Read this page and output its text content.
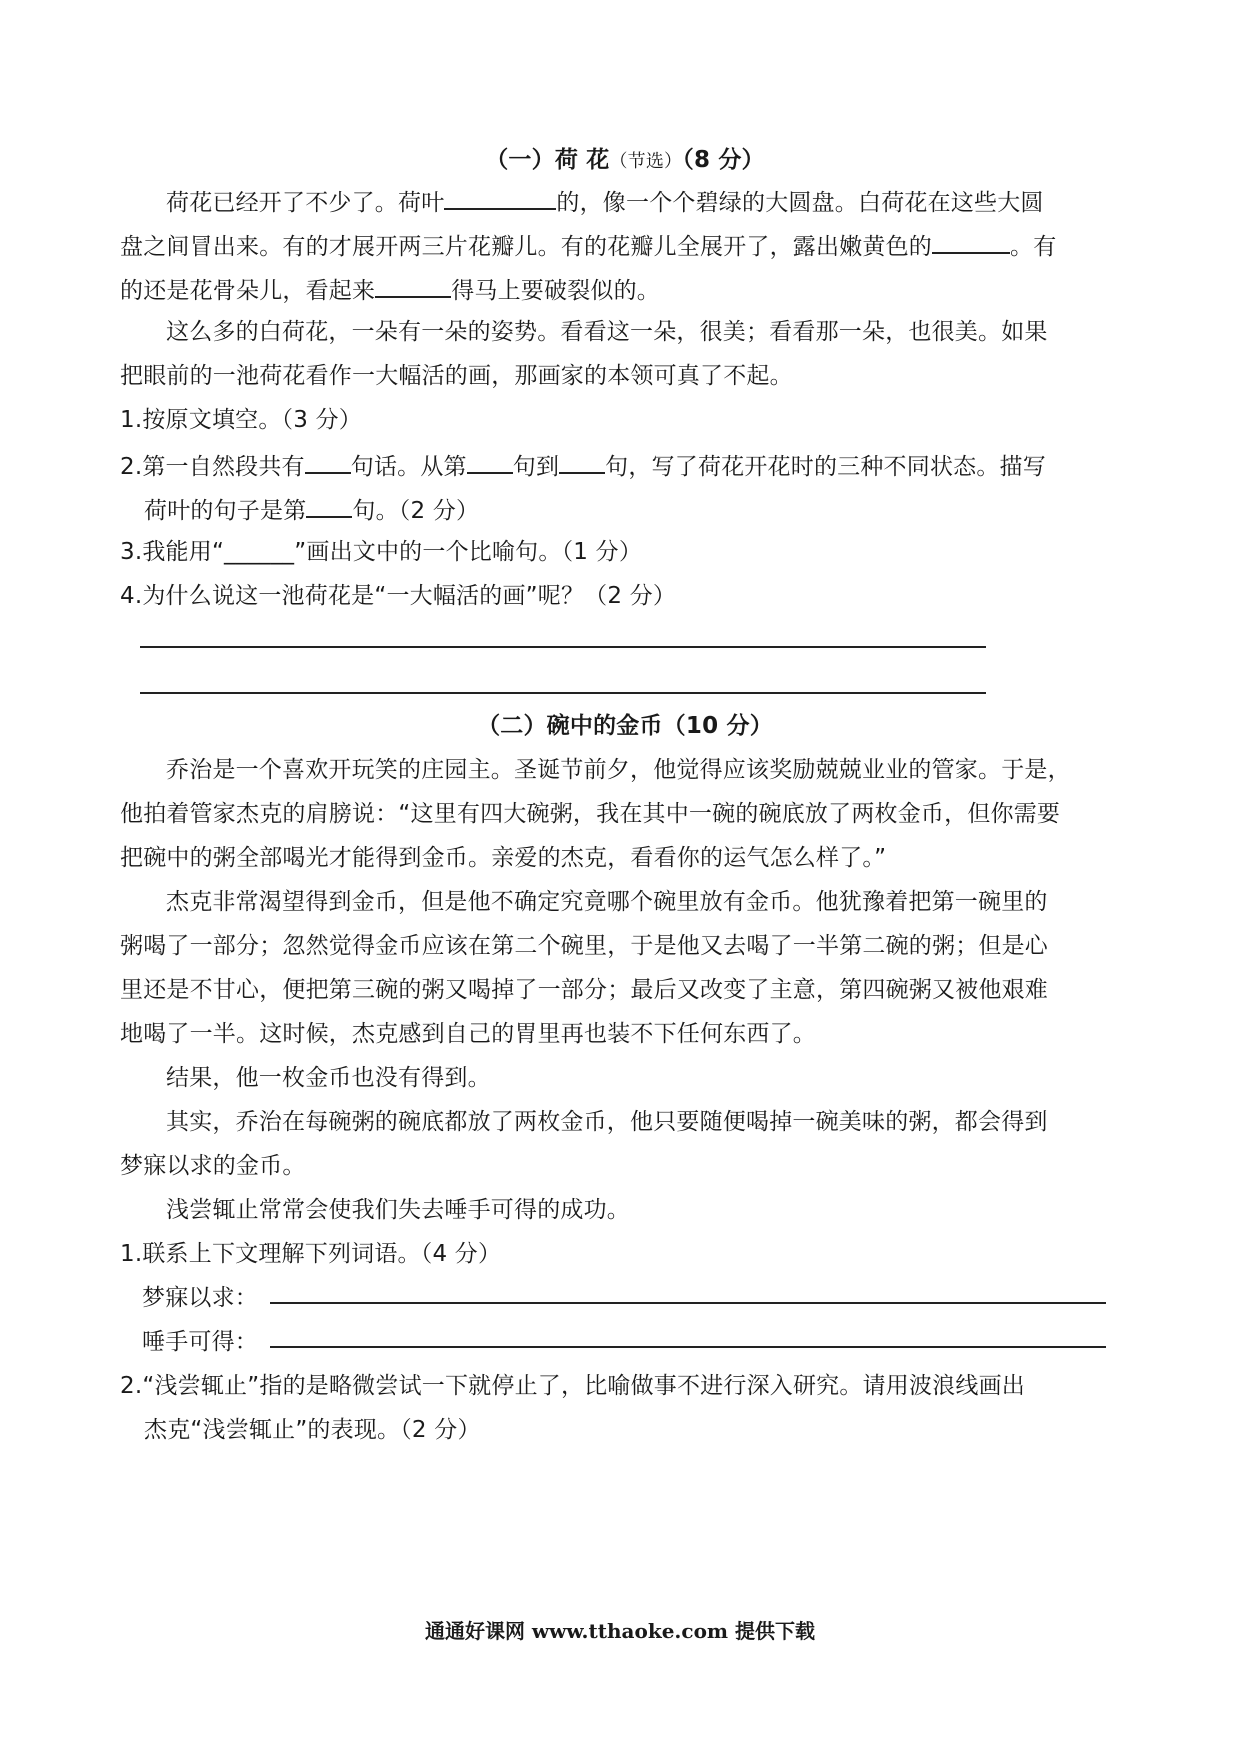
（一）荷 花（节选）（8 分）
荷花已经开了不少了。荷叶	的，像一个个碧绿的大圆盘。白荷花在这些大圆
盘之间冒出来。有的才展开两三片花瓣儿。有的花瓣儿全展开了，露出嫩黄色的	。有
的还是花骨朵儿，看起来	得马上要破裂似的。
这么多的白荷花，一朵有一朵的姿势。看看这一朵，很美；看看那一朵，也很美。如果
把眼前的一池荷花看作一大幅活的画，那画家的本领可真了不起。
1.按原文填空。（3 分）
2.第一自然段共有 句话。从第 句到 句，写了荷花开花时的三种不同状态。描写
荷叶的句子是第 句。（2 分）
3.我能用“______”画出文中的一个比喻句。（1 分）
4.为什么说这一池荷花是“一大幅活的画”呢？（2 分）
（二）碗中的金币（10 分）
乔治是一个喜欢开玩笑的庄园主。圣诞节前夕，他觉得应该奖励兢兢业业的管家。于是，
他拍着管家杰克的肩膀说：“这里有四大碗粥，我在其中一碗的碗底放了两枚金币，但你需要
把碗中的粥全部喝光才能得到金币。亲爱的杰克，看看你的运气怎么样了。”
杰克非常渴望得到金币，但是他不确定究竟哪个碗里放有金币。他犹豫着把第一碗里的
粥喝了一部分；忽然觉得金币应该在第二个碗里，于是他又去喝了一半第二碗的粥；但是心
里还是不甘心，便把第三碗的粥又喝掉了一部分；最后又改变了主意，第四碗粥又被他艰难
地喝了一半。这时候，杰克感到自己的胃里再也装不下任何东西了。
结果，他一枚金币也没有得到。
其实，乔治在每碗粥的碗底都放了两枚金币，他只要随便喝掉一碗美味的粥，都会得到
梦寐以求的金币。
浅尝辄止常常会使我们失去唾手可得的成功。
1.联系上下文理解下列词语。（4 分）
梦寐以求：
唾手可得：
2.“浅尝辄止”指的是略微尝试一下就停止了，比喻做事不进行深入研究。请用波浪线画出
杰克“浅尝辄止”的表现。（2 分）
通通好课网 www.tthaoke.com 提供下载
